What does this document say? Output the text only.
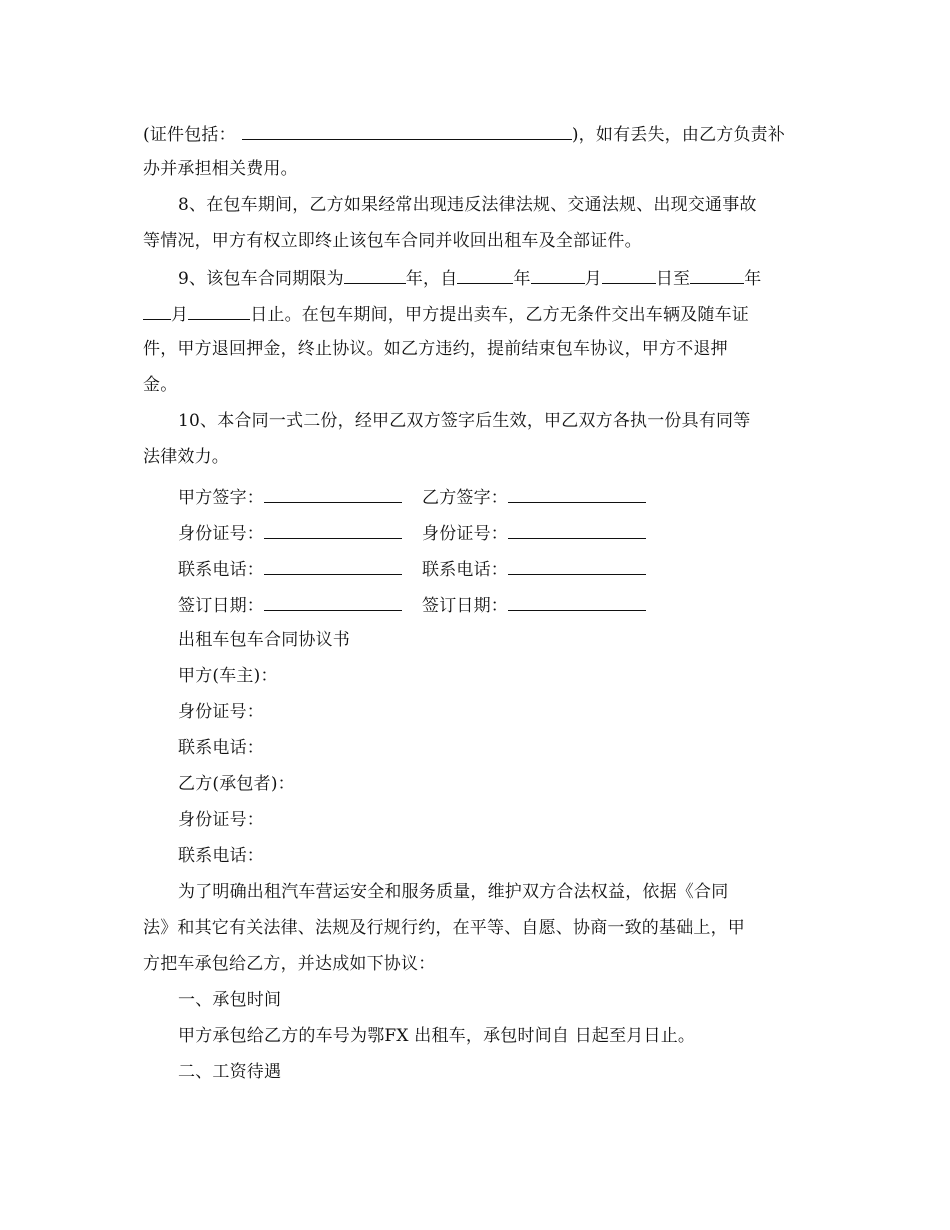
(证件包括：	)，如有丢失，由乙方负责补
办并承担相关费用。
8、在包车期间，乙方如果经常出现违反法律法规、交通法规、出现交通事故
等情况，甲方有权立即终止该包车合同并收回出租车及全部证件。
9、该包车合同期限为	年，自	年	月	日至	年
月	日止。在包车期间，甲方提出卖车，乙方无条件交出车辆及随车证
件，甲方退回押金，终止协议。如乙方违约，提前结束包车协议，甲方不退押
金。
10、本合同一式二份，经甲乙双方签字后生效，甲乙双方各执一份具有同等
法律效力。
甲方签字：	乙方签字：
身份证号：	身份证号：
联系电话：	联系电话：
签订日期：	签订日期：
出租车包车合同协议书
甲方(车主)：
身份证号：
联系电话：
乙方(承包者)：
身份证号：
联系电话：
为了明确出租汽车营运安全和服务质量，维护双方合法权益，依据《合同
法》和其它有关法律、法规及行规行约，在平等、自愿、协商一致的基础上，甲
方把车承包给乙方，并达成如下协议：
一、承包时间
甲方承包给乙方的车号为鄂FX 出租车，承包时间自 日起至月日止。
二、工资待遇
